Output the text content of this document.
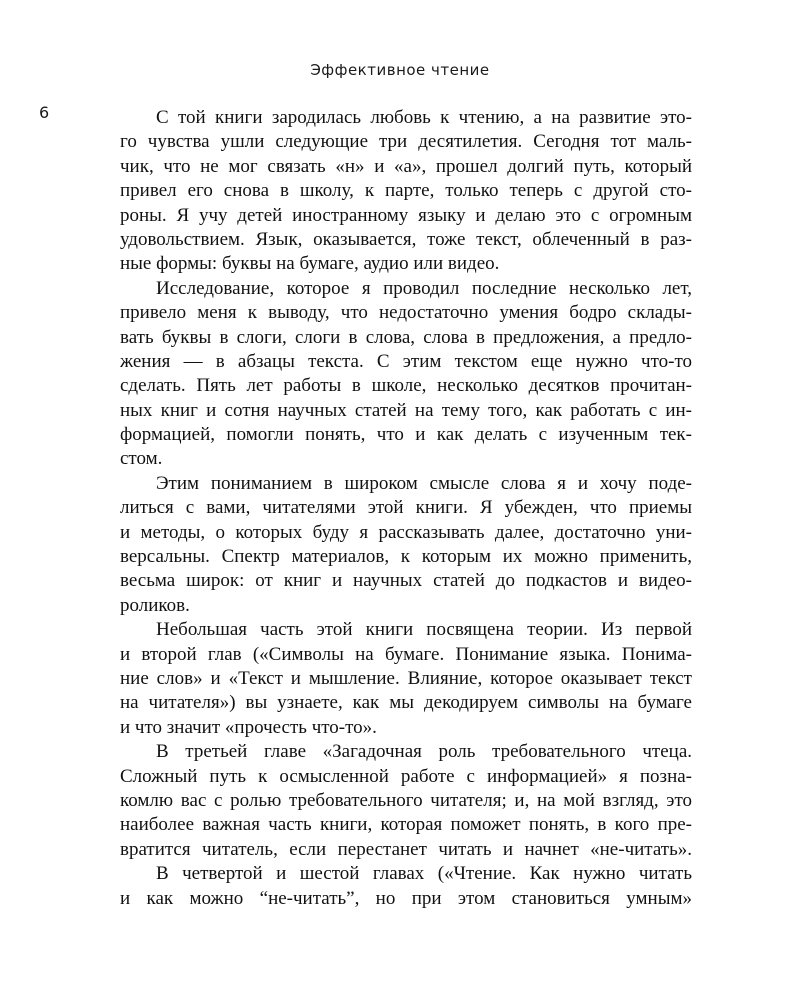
Эффективное чтение
6	С той книги зародилась любовь к чтению, а на развитие это-
го чувства ушли следующие три десятилетия. Сегодня тот маль-
чик, что не мог связать «н» и «а», прошел долгий путь, который
привел его снова в школу, к парте, только теперь с другой сто-
роны. Я учу детей иностранному языку и делаю это с огромным
удовольствием. Язык, оказывается, тоже текст, облеченный в раз-
ные формы: буквы на бумаге, аудио или видео.
Исследование, которое я проводил последние несколько лет,
привело меня к выводу, что недостаточно умения бодро склады-
вать буквы в слоги, слоги в слова, слова в предложения, а предло-
жения — в абзацы текста. С этим текстом еще нужно что-то
сделать. Пять лет работы в школе, несколько десятков прочитан-
ных книг и сотня научных статей на тему того, как работать с ин-
формацией, помогли понять, что и как делать с изученным тек-
стом.
Этим пониманием в широком смысле слова я и хочу поде-
литься с вами, читателями этой книги. Я убежден, что приемы
и методы, о которых буду я рассказывать далее, достаточно уни-
версальны. Спектр материалов, к которым их можно применить,
весьма широк: от книг и научных статей до подкастов и видео-
роликов.
Небольшая часть этой книги посвящена теории. Из первой
и второй глав («Символы на бумаге. Понимание языка. Понима-
ние слов» и «Текст и мышление. Влияние, которое оказывает текст
на читателя») вы узнаете, как мы декодируем символы на бумаге
и что значит «прочесть что-то».
В третьей главе «Загадочная роль требовательного чтеца.
Сложный путь к осмысленной работе с информацией» я позна-
комлю вас с ролью требовательного читателя; и, на мой взгляд, это
наиболее важная часть книги, которая поможет понять, в кого пре-
вратится читатель, если перестанет читать и начнет «не-читать».
В четвертой и шестой главах («Чтение. Как нужно читать
и как можно “не-читать”, но при этом становиться умным»
